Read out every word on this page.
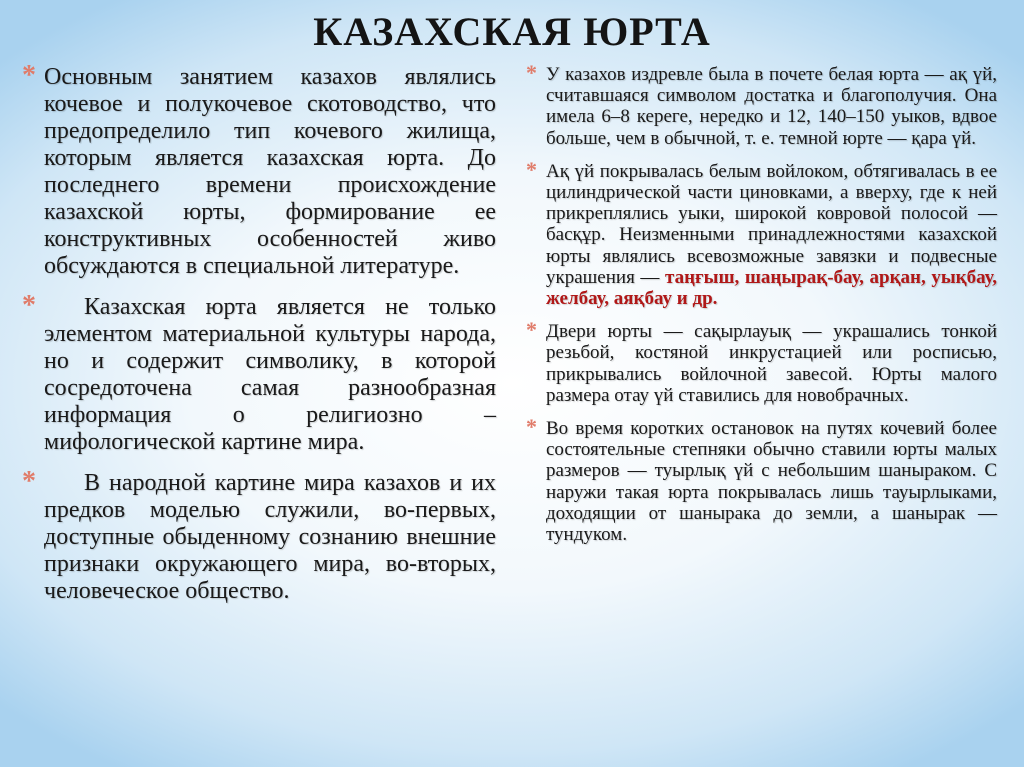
КАЗАХСКАЯ ЮРТА
* Основным занятием казахов являлись кочевое и полукочевое скотоводство, что предопределило тип кочевого жилища, которым является казахская юрта. До последнего времени происхождение казахской юрты, формирование ее конструктивных особенностей живо обсуждаются в специальной литературе.
* Казахская юрта является не только элементом материальной культуры народа, но и содержит символику, в которой сосредоточена самая разнообразная информация о религиозно – мифологической картине мира.
* В народной картине мира казахов и их предков моделью служили, во-первых, доступные обыденному сознанию внешние признаки окружающего мира, во-вторых, человеческое общество.
* У казахов издревле была в почете белая юрта — ақ үй, считавшаяся символом достатка и благополучия. Она имела 6–8 кереге, нередко и 12, 140–150 уыков, вдвое больше, чем в обычной, т. е. темной юрте — қара үй.
* Ақ үй покрывалась белым войлоком, обтягивалась в ее цилиндрической части циновками, а вверху, где к ней прикреплялись уыки, широкой ковровой полосой — басқұр. Неизменными принадлежностями казахской юрты являлись всевозможные завязки и подвесные украшения — таңғыш, шаңырақ-бау, арқан, уықбау, желбау, аяқбау и др.
* Двери юрты — сақырлауық — украшались тонкой резьбой, костяной инкрустацией или росписью, прикрывались войлочной завесой. Юрты малого размера отау үй ставились для новобрачных.
* Во время коротких остановок на путях кочевий более состоятельные степняки обычно ставили юрты малых размеров — туырлық үй с небольшим шаныраком. С наружи такая юрта покрывалась лишь тауырлыками, доходящии от шанырака до земли, а шанырак — тундуком.
